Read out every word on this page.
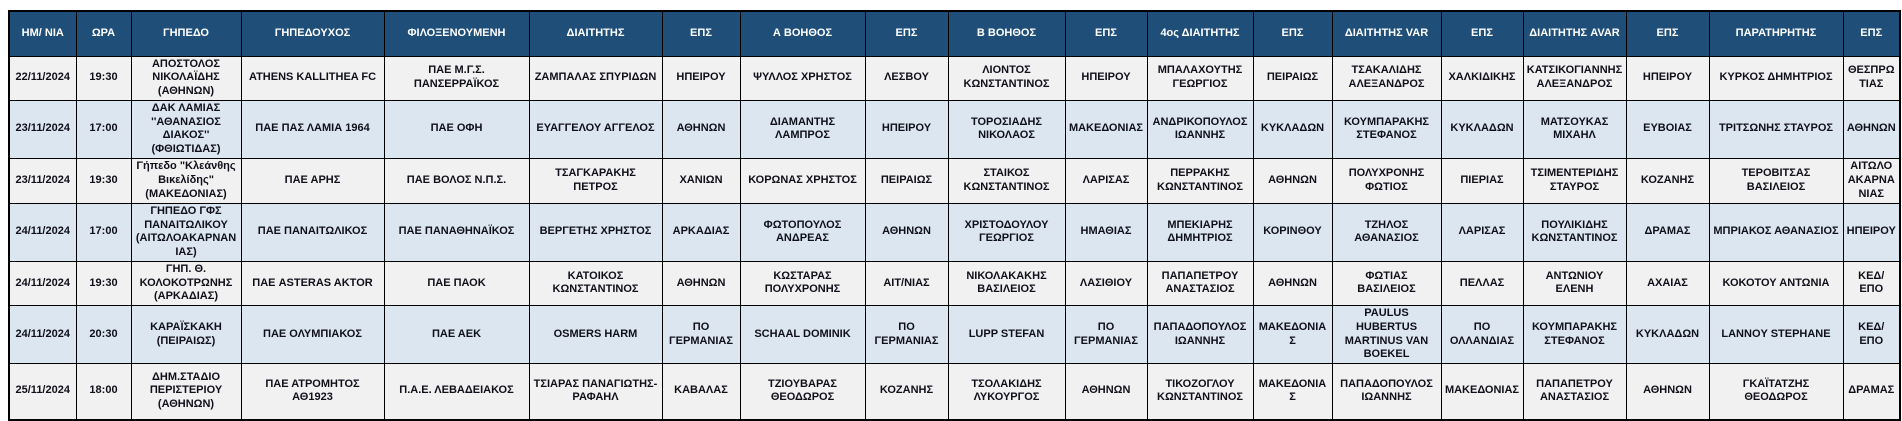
ΗΜ/ ΝΙΑ	ΩΡΑ	ΓΗΠΕΔΟ	ΓΗΠΕΔΟΥΧΟΣ	ΦΙΛΟΞΕΝΟΥΜΕΝΗ	ΔΙΑΙΤΗΤΗΣ	ΕΠΣ	Α ΒΟΗΘΟΣ	ΕΠΣ	Β ΒΟΗΘΟΣ	ΕΠΣ	4ος ΔΙΑΙΤΗΤΗΣ	ΕΠΣ	ΔΙΑΙΤΗΤΗΣ VAR	ΕΠΣ	ΔΙΑΙΤΗΤΗΣ AVAR	ΕΠΣ	ΠΑΡΑΤΗΡΗΤΗΣ	ΕΠΣ
22/11/2024	19:30	ΑΠΟΣΤΟΛΟΣ ΝΙΚΟΛΑΪΔΗΣ (ΑΘΗΝΩΝ)	ATHENS KALLITHEA FC	ΠΑΕ Μ.Γ.Σ. ΠΑΝΣΕΡΡΑΪΚΟΣ	ΖΑΜΠΑΛΑΣ ΣΠΥΡΙΔΩΝ	ΗΠΕΙΡΟΥ	ΨΥΛΛΟΣ ΧΡΗΣΤΟΣ	ΛΕΣΒΟΥ	ΛΙΟΝΤΟΣ ΚΩΝΣΤΑΝΤΙΝΟΣ	ΗΠΕΙΡΟΥ	ΜΠΑΛΑΧΟΥΤΗΣ ΓΕΩΡΓΙΟΣ	ΠΕΙΡΑΙΩΣ	ΤΣΑΚΑΛΙΔΗΣ ΑΛΕΞΑΝΔΡΟΣ	ΧΑΛΚΙΔΙΚΗΣ	ΚΑΤΣΙΚΟΓΙΑΝΝΗΣ ΑΛΕΞΑΝΔΡΟΣ	ΗΠΕΙΡΟΥ	ΚΥΡΚΟΣ ΔΗΜΗΤΡΙΟΣ	ΘΕΣΠΡΩΤΙΑΣ
23/11/2024	17:00	ΔΑΚ ΛΑΜΙΑΣ ''ΑΘΑΝΑΣΙΟΣ ΔΙΑΚΟΣ'' (ΦΘΙΩΤΙΔΑΣ)	ΠΑΕ ΠΑΣ ΛΑΜΙΑ 1964	ΠΑΕ ΟΦΗ	ΕΥΑΓΓΕΛΟΥ ΑΓΓΕΛΟΣ	ΑΘΗΝΩΝ	ΔΙΑΜΑΝΤΗΣ ΛΑΜΠΡΟΣ	ΗΠΕΙΡΟΥ	ΤΟΡΟΣΙΑΔΗΣ ΝΙΚΟΛΑΟΣ	ΜΑΚΕΔΟΝΙΑΣ	ΑΝΔΡΙΚΟΠΟΥΛΟΣ ΙΩΑΝΝΗΣ	ΚΥΚΛΑΔΩΝ	ΚΟΥΜΠΑΡΑΚΗΣ ΣΤΕΦΑΝΟΣ	ΚΥΚΛΑΔΩΝ	ΜΑΤΣΟΥΚΑΣ ΜΙΧΑΗΛ	ΕΥΒΟΙΑΣ	ΤΡΙΤΣΩΝΗΣ ΣΤΑΥΡΟΣ	ΑΘΗΝΩΝ
23/11/2024	19:30	Γήπεδο "Κλεάνθης Βικελίδης" (ΜΑΚΕΔΟΝΙΑΣ)	ΠΑΕ ΑΡΗΣ	ΠΑΕ ΒΟΛΟΣ Ν.Π.Σ.	ΤΣΑΓΚΑΡΑΚΗΣ ΠΕΤΡΟΣ	ΧΑΝΙΩΝ	ΚΟΡΩΝΑΣ ΧΡΗΣΤΟΣ	ΠΕΙΡΑΙΩΣ	ΣΤΑΙΚΟΣ ΚΩΝΣΤΑΝΤΙΝΟΣ	ΛΑΡΙΣΑΣ	ΠΕΡΡΑΚΗΣ ΚΩΝΣΤΑΝΤΙΝΟΣ	ΑΘΗΝΩΝ	ΠΟΛΥΧΡΟΝΗΣ ΦΩΤΙΟΣ	ΠΙΕΡΙΑΣ	ΤΣΙΜΕΝΤΕΡΙΔΗΣ ΣΤΑΥΡΟΣ	ΚΟΖΑΝΗΣ	ΤΕΡΟΒΙΤΣΑΣ ΒΑΣΙΛΕΙΟΣ	ΑΙΤΩΛΟΑΚΑΡΝΑΝΙΑΣ
24/11/2024	17:00	ΓΗΠΕΔΟ ΓΦΣ ΠΑΝΑΙΤΩΛΙΚΟΥ (ΑΙΤΩΛΟΑΚΑΡΝΑΝΙΑΣ)	ΠΑΕ ΠΑΝΑΙΤΩΛΙΚΟΣ	ΠΑΕ ΠΑΝΑΘΗΝΑΪΚΟΣ	ΒΕΡΓΕΤΗΣ ΧΡΗΣΤΟΣ	ΑΡΚΑΔΙΑΣ	ΦΩΤΟΠΟΥΛΟΣ ΑΝΔΡΕΑΣ	ΑΘΗΝΩΝ	ΧΡΙΣΤΟΔΟΥΛΟΥ ΓΕΩΡΓΙΟΣ	ΗΜΑΘΙΑΣ	ΜΠΕΚΙΑΡΗΣ ΔΗΜΗΤΡΙΟΣ	ΚΟΡΙΝΘΟΥ	ΤΖΗΛΟΣ ΑΘΑΝΑΣΙΟΣ	ΛΑΡΙΣΑΣ	ΠΟΥΛΙΚΙΔΗΣ ΚΩΝΣΤΑΝΤΙΝΟΣ	ΔΡΑΜΑΣ	ΜΠΡΙΑΚΟΣ ΑΘΑΝΑΣΙΟΣ	ΗΠΕΙΡΟΥ
24/11/2024	19:30	ΓΗΠ. Θ. ΚΟΛΟΚΟΤΡΩΝΗΣ (ΑΡΚΑΔΙΑΣ)	ΠΑΕ ASTERAS AKTOR	ΠΑΕ ΠΑΟΚ	ΚΑΤΟΙΚΟΣ ΚΩΝΣΤΑΝΤΙΝΟΣ	ΑΘΗΝΩΝ	ΚΩΣΤΑΡΑΣ ΠΟΛΥΧΡΟΝΗΣ	ΑΙΤ/ΝΙΑΣ	ΝΙΚΟΛΑΚΑΚΗΣ ΒΑΣΙΛΕΙΟΣ	ΛΑΣΙΘΙΟΥ	ΠΑΠΑΠΕΤΡΟΥ ΑΝΑΣΤΑΣΙΟΣ	ΑΘΗΝΩΝ	ΦΩΤΙΑΣ ΒΑΣΙΛΕΙΟΣ	ΠΕΛΛΑΣ	ΑΝΤΩΝΙΟΥ ΕΛΕΝΗ	ΑΧΑΙΑΣ	ΚΟΚΟΤΟΥ ΑΝΤΩΝΙΑ	ΚΕΔ/ΕΠΟ
24/11/2024	20:30	ΚΑΡΑΪΣΚΑΚΗ (ΠΕΙΡΑΙΩΣ)	ΠΑΕ ΟΛΥΜΠΙΑΚΟΣ	ΠΑΕ ΑΕΚ	OSMERS HARM	ΠΟ ΓΕΡΜΑΝΙΑΣ	SCHAAL DOMINIK	ΠΟ ΓΕΡΜΑΝΙΑΣ	LUPP STEFAN	ΠΟ ΓΕΡΜΑΝΙΑΣ	ΠΑΠΑΔΟΠΟΥΛΟΣ ΙΩΑΝΝΗΣ	ΜΑΚΕΔΟΝΙΑΣ	PAULUS HUBERTUS MARTINUS VAN BOEKEL	ΠΟ ΟΛΛΑΝΔΙΑΣ	ΚΟΥΜΠΑΡΑΚΗΣ ΣΤΕΦΑΝΟΣ	ΚΥΚΛΑΔΩΝ	LANNOY STEPHANE	ΚΕΔ/ΕΠΟ
25/11/2024	18:00	ΔΗΜ.ΣΤΑΔΙΟ ΠΕΡΙΣΤΕΡΙΟΥ (ΑΘΗΝΩΝ)	ΠΑΕ ΑΤΡΟΜΗΤΟΣ ΑΘ1923	Π.Α.Ε. ΛΕΒΑΔΕΙΑΚΟΣ	ΤΣΙΑΡΑΣ ΠΑΝΑΓΙΩΤΗΣ-ΡΑΦΑΗΛ	ΚΑΒΑΛΑΣ	ΤΖΙΟΥΒΑΡΑΣ ΘΕΟΔΩΡΟΣ	ΚΟΖΑΝΗΣ	ΤΣΟΛΑΚΙΔΗΣ ΛΥΚΟΥΡΓΟΣ	ΑΘΗΝΩΝ	ΤΙΚΟΖΟΓΛΟΥ ΚΩΝΣΤΑΝΤΙΝΟΣ	ΜΑΚΕΔΟΝΙΑΣ	ΠΑΠΑΔΟΠΟΥΛΟΣ ΙΩΑΝΝΗΣ	ΜΑΚΕΔΟΝΙΑΣ	ΠΑΠΑΠΕΤΡΟΥ ΑΝΑΣΤΑΣΙΟΣ	ΑΘΗΝΩΝ	ΓΚΑΪΤΑΤΖΗΣ ΘΕΟΔΩΡΟΣ	ΔΡΑΜΑΣ
